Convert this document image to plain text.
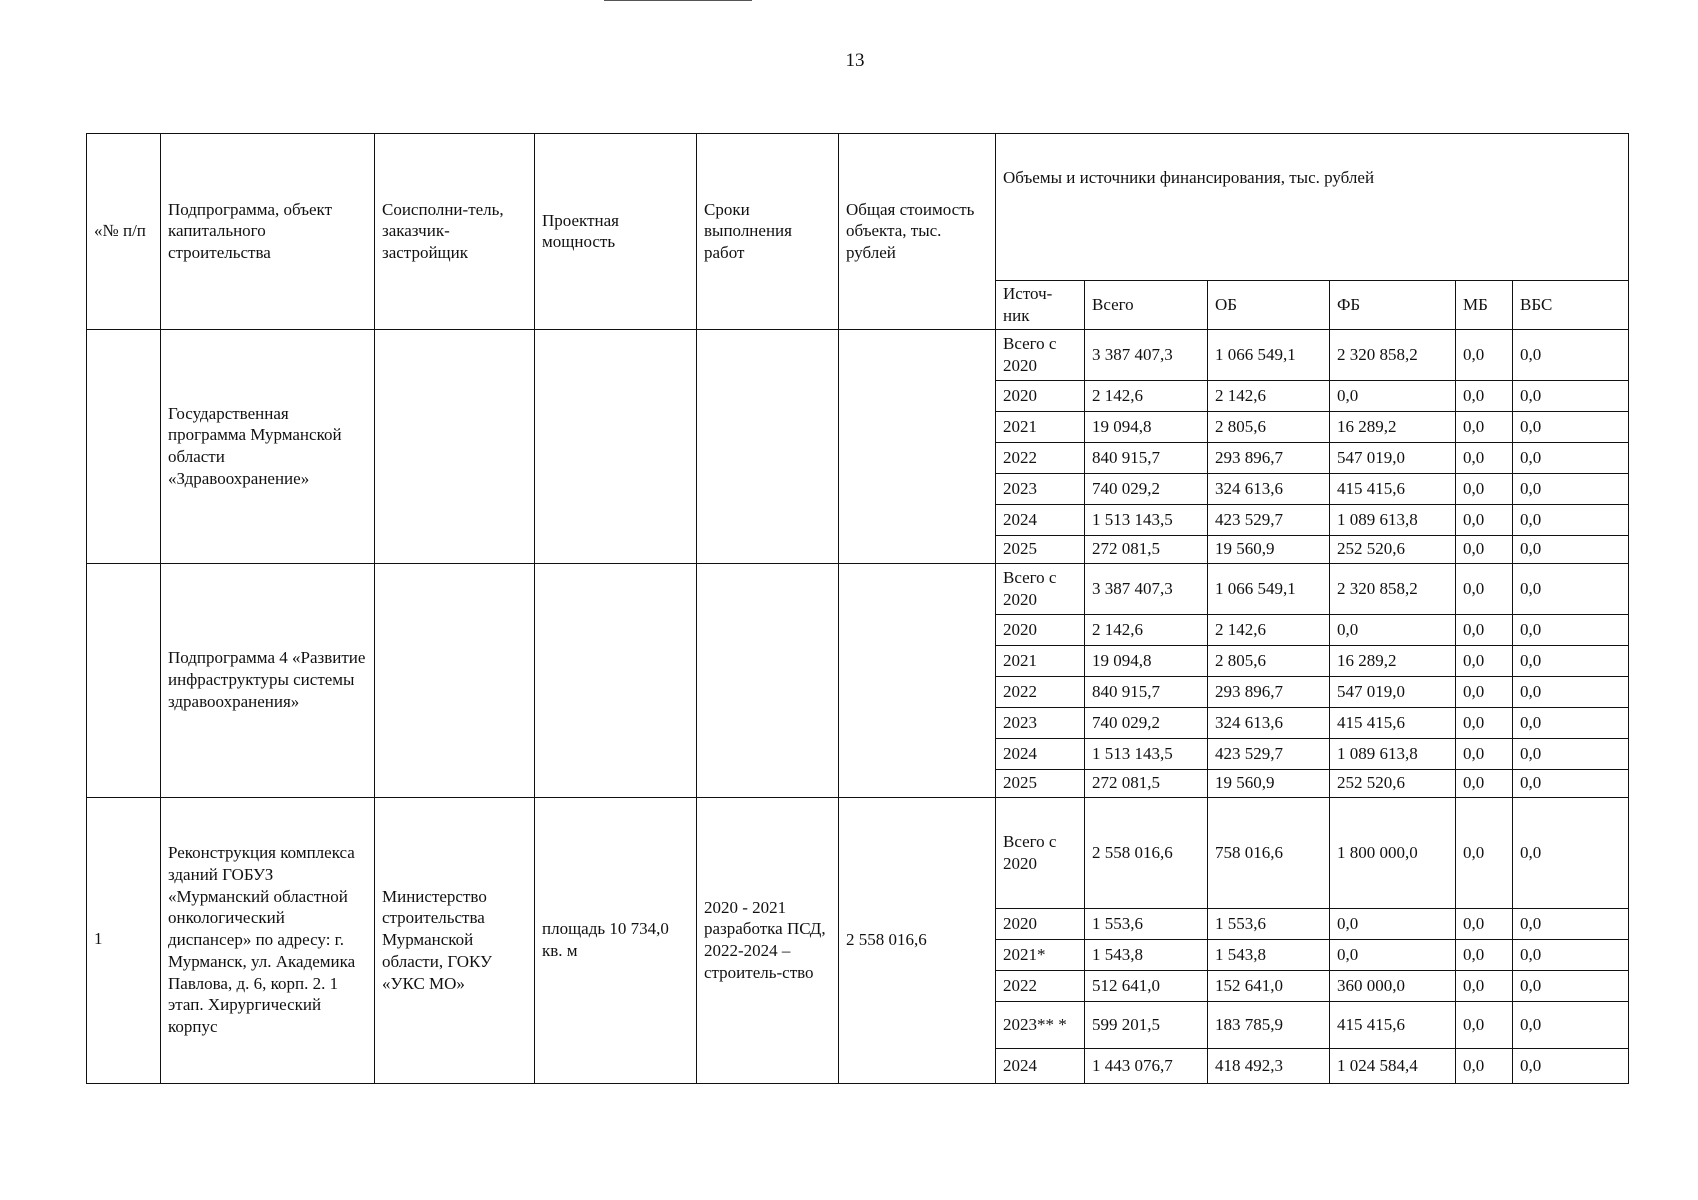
13
«№ п/п	Подпрограмма, объект капитального строительства	Соисполни-тель, заказчик-застройщик	Проектная мощность	Сроки выполнения работ	Общая стоимость объекта, тыс. рублей	Объемы и источники финансирования, тыс. рублей					
						Источ-ник	Всего	ОБ	ФБ	МБ	ВБС
	Государственная программа Мурманской области «Здравоохранение»					Всего с 2020	3 387 407,3	1 066 549,1	2 320 858,2	0,0	0,0
						2020	2 142,6	2 142,6	0,0	0,0	0,0
						2021	19 094,8	2 805,6	16 289,2	0,0	0,0
						2022	840 915,7	293 896,7	547 019,0	0,0	0,0
						2023	740 029,2	324 613,6	415 415,6	0,0	0,0
						2024	1 513 143,5	423 529,7	1 089 613,8	0,0	0,0
						2025	272 081,5	19 560,9	252 520,6	0,0	0,0
	Подпрограмма 4 «Развитие инфраструктуры системы здравоохранения»					Всего с 2020	3 387 407,3	1 066 549,1	2 320 858,2	0,0	0,0
						2020	2 142,6	2 142,6	0,0	0,0	0,0
						2021	19 094,8	2 805,6	16 289,2	0,0	0,0
						2022	840 915,7	293 896,7	547 019,0	0,0	0,0
						2023	740 029,2	324 613,6	415 415,6	0,0	0,0
						2024	1 513 143,5	423 529,7	1 089 613,8	0,0	0,0
						2025	272 081,5	19 560,9	252 520,6	0,0	0,0
1	Реконструкция комплекса зданий ГОБУЗ «Мурманский областной онкологический диспансер» по адресу: г. Мурманск, ул. Академика Павлова, д. 6, корп. 2. 1 этап. Хирургический корпус	Министерство строительства Мурманской области, ГОКУ «УКС МО»	площадь 10 734,0 кв. м	2020 - 2021 разработка ПСД, 2022-2024 – строитель-ство	2 558 016,6	Всего с 2020	2 558 016,6	758 016,6	1 800 000,0	0,0	0,0
						2020	1 553,6	1 553,6	0,0	0,0	0,0
						2021*	1 543,8	1 543,8	0,0	0,0	0,0
						2022	512 641,0	152 641,0	360 000,0	0,0	0,0
						2023** *	599 201,5	183 785,9	415 415,6	0,0	0,0
						2024	1 443 076,7	418 492,3	1 024 584,4	0,0	0,0
